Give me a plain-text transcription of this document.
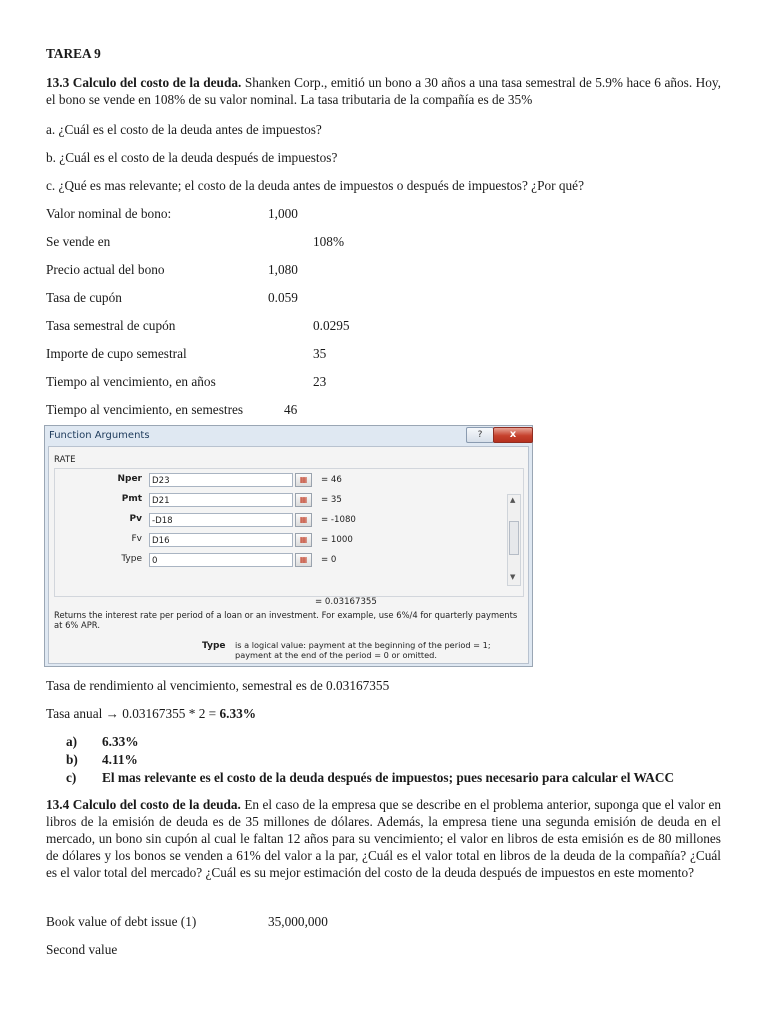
TAREA 9
13.3 Calculo del costo de la deuda. Shanken Corp., emitió un bono a 30 años a una tasa semestral de 5.9% hace 6 años. Hoy, el bono se vende en 108% de su valor nominal. La tasa tributaria de la compañía es de 35%
a. ¿Cuál es el costo de la deuda antes de impuestos?
b. ¿Cuál es el costo de la deuda después de impuestos?
c. ¿Qué es mas relevante; el costo de la deuda antes de impuestos o después de impuestos? ¿Por qué?
Valor nominal de bono:	1,000
Se vende en	108%
Precio actual del bono	1,080
Tasa de cupón	0.059
Tasa semestral de cupón	0.0295
Importe de cupo semestral	35
Tiempo al vencimiento, en años	23
Tiempo al vencimiento, en semestres	46
Function Arguments	?	x
RATE
Nper	D23	▦	= 46
Pmt	D21	▦	= 35
Pv	-D18	▦	= -1080
Fv	D16	▦	= 1000
Type	0	▦	= 0
▲
▼
= 0.03167355
Returns the interest rate per period of a loan or an investment. For example, use 6%/4 for quarterly payments at 6% APR.
Type is a logical value: payment at the beginning of the period = 1; payment at the end of the period = 0 or omitted.
Tasa de rendimiento al vencimiento, semestral es de 0.03167355
Tasa anual → 0.03167355 * 2 = 6.33%
a) 6.33%
b) 4.11%
c) El mas relevante es el costo de la deuda después de impuestos; pues necesario para calcular el WACC
13.4 Calculo del costo de la deuda. En el caso de la empresa que se describe en el problema anterior, suponga que el valor en libros de la emisión de deuda es de 35 millones de dólares. Además, la empresa tiene una segunda emisión de deuda en el mercado, un bono sin cupón al cual le faltan 12 años para su vencimiento; el valor en libros de esta emisión es de 80 millones de dólares y los bonos se venden a 61% del valor a la par, ¿Cuál es el valor total en libros de la deuda de la compañía? ¿Cuál es el valor total del mercado? ¿Cuál es su mejor estimación del costo de la deuda después de impuestos en este momento?
Book value of debt issue (1)	35,000,000
Second value
